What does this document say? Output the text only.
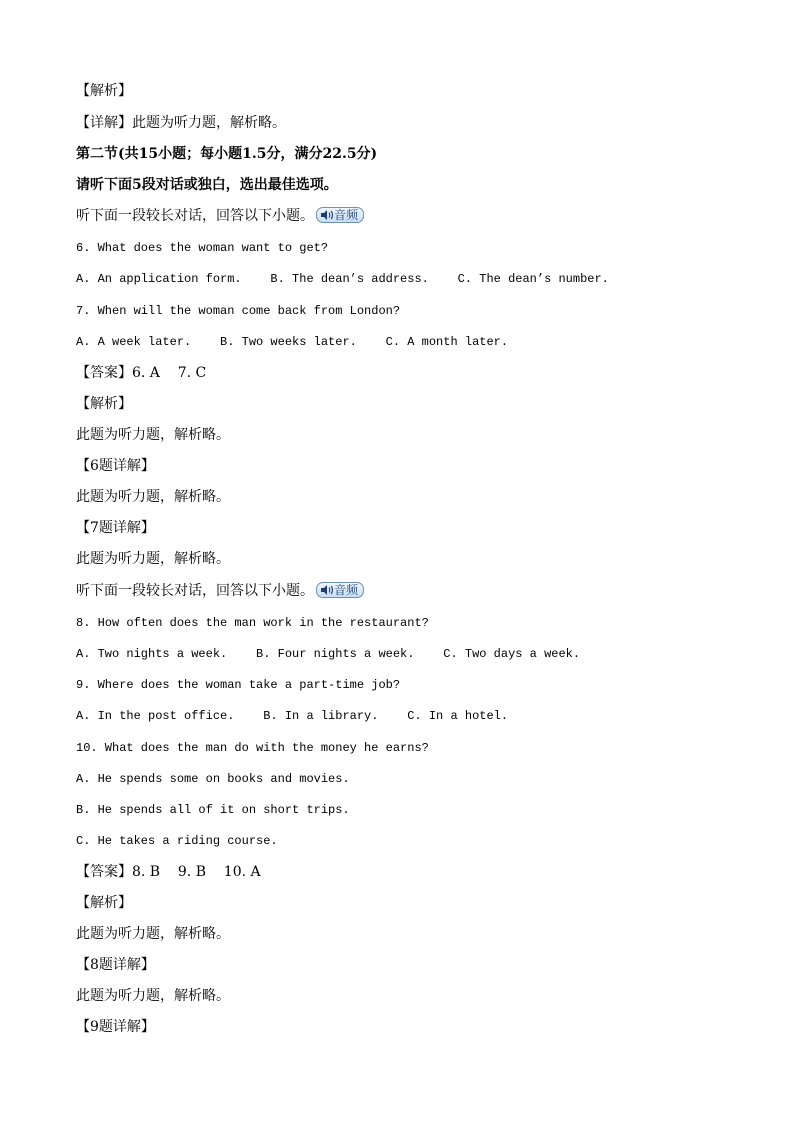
【解析】
【详解】此题为听力题，解析略。
第二节(共15小题；每小题1.5分，满分22.5分)
请听下面5段对话或独白，选出最佳选项。
听下面一段较长对话，回答以下小题。 音频
6. What does the woman want to get?
A. An application form.    B. The dean’s address.    C. The dean’s number.
7. When will the woman come back from London?
A. A week later.    B. Two weeks later.    C. A month later.
【答案】6. A    7. C
【解析】
此题为听力题，解析略。
【6题详解】
此题为听力题，解析略。
【7题详解】
此题为听力题，解析略。
听下面一段较长对话，回答以下小题。 音频
8. How often does the man work in the restaurant?
A. Two nights a week.    B. Four nights a week.    C. Two days a week.
9. Where does the woman take a part-time job?
A. In the post office.    B. In a library.    C. In a hotel.
10. What does the man do with the money he earns?
A. He spends some on books and movies.
B. He spends all of it on short trips.
C. He takes a riding course.
【答案】8. B    9. B    10. A
【解析】
此题为听力题，解析略。
【8题详解】
此题为听力题，解析略。
【9题详解】
